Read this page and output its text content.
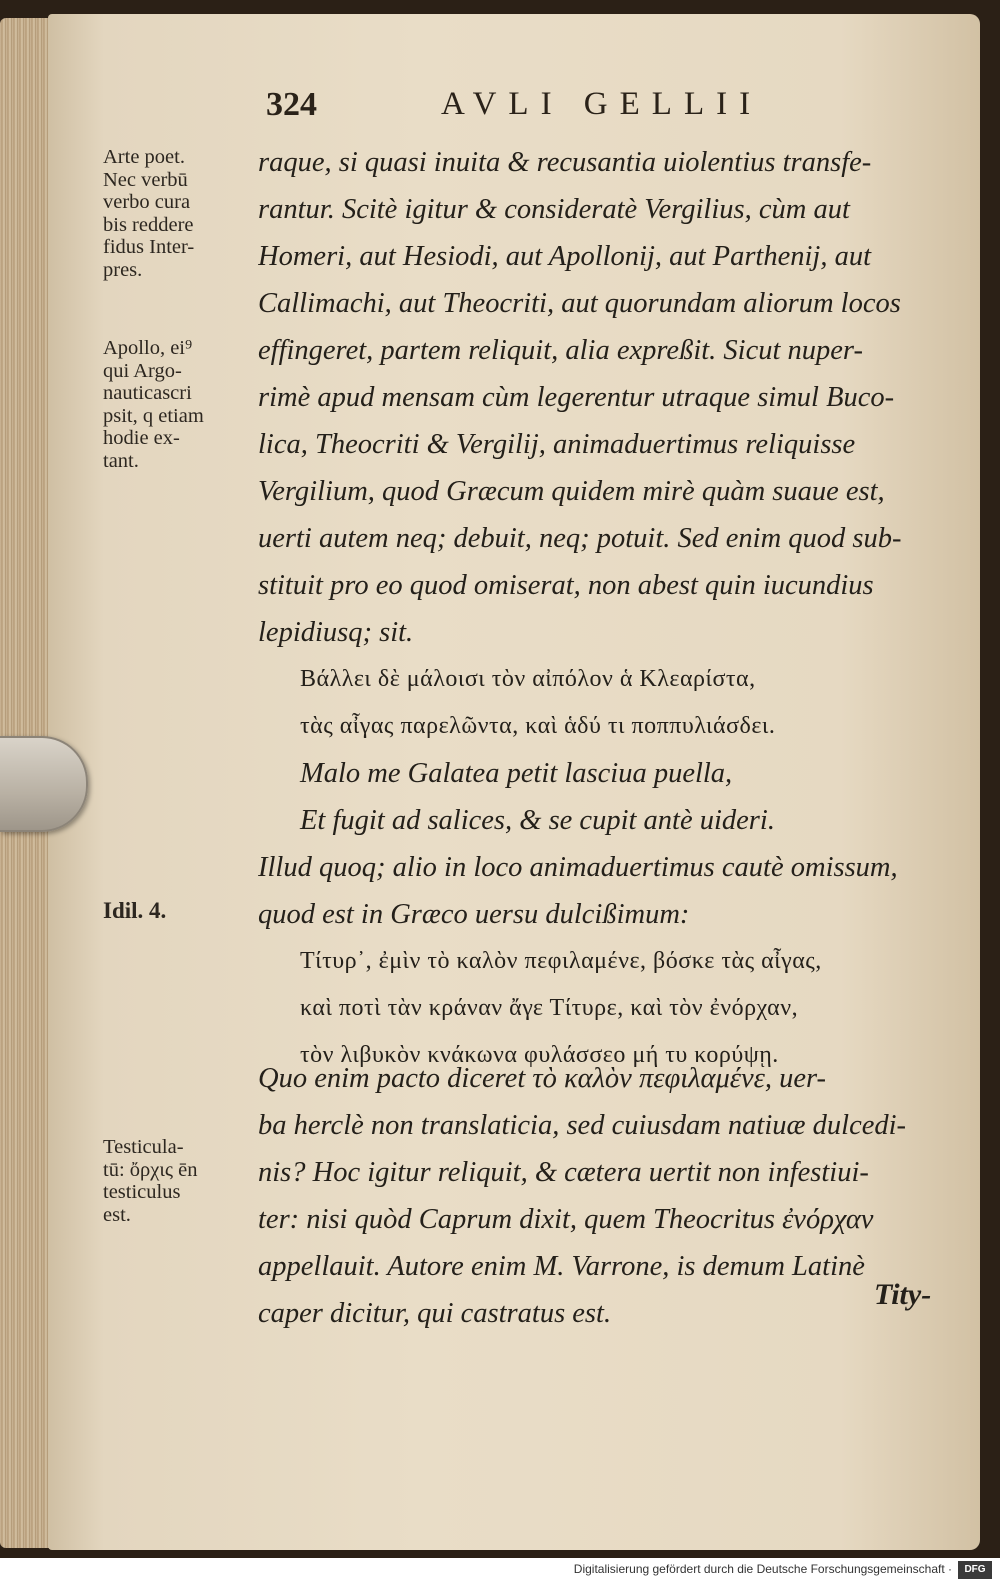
324	AVLI GELLII
raque, si quasi inuita & recusantia uiolentius transfe-
rantur. Scitè igitur & consideratè Vergilius, cùm aut
Homeri, aut Hesiodi, aut Apollonij, aut Parthenij, aut
Callimachi, aut Theocriti, aut quorundam aliorum locos
effingeret, partem reliquit, alia expreßit. Sicut nuper-
rimè apud mensam cùm legerentur utraque simul Buco-
lica, Theocriti & Vergilij, animaduertimus reliquisse
Vergilium, quod Græcum quidem mirè quàm suaue est,
uerti autem neq; debuit, neq; potuit. Sed enim quod sub-
stituit pro eo quod omiserat, non abest quin iucundius
lepidiusq; sit.
Βάλλει δὲ μάλοισι τὸν αἰπόλον ἁ Κλεαρίστα,
τὰς αἶγας παρελῶντα, καὶ ἁδύ τι ποππυλιάσδει.
Malo me Galatea petit lasciua puella,
Et fugit ad salices, & se cupit antè uideri.
Illud quoq; alio in loco animaduertimus cautè omissum,
quod est in Græco uersu dulcißimum:
Τίτυρ᾽, ἐμὶν τὸ καλὸν πεφιλαμένε, βόσκε τὰς αἶγας,
καὶ ποτὶ τὰν κράναν ἄγε Τίτυρε, καὶ τὸν ἐνόρχαν,
τὸν λιβυκὸν κνάκωνα φυλάσσεο μή τυ κορύψῃ.
Quo enim pacto diceret τὸ καλὸν πεφιλαμένε, uer-
ba herclè non translaticia, sed cuiusdam natiuæ dulcedi-
nis? Hoc igitur reliquit, & cætera uertit non infestiui-
ter: nisi quòd Caprum dixit, quem Theocritus ἐνόρχαν
appellauit. Autore enim M. Varrone, is demum Latinè
caper dicitur, qui castratus est.
Tity-
Arte poet.
Nec verbū
verbo cura
bis reddere
fidus Inter-
pres.
Apollo, ei⁹
qui Argo-
nauticascri
psit, q etiam
hodie ex-
tant.
Idil. 4.
Testicula-
tū: ὄρχις ēn
testiculus
est.
Digitalisierung gefördert durch die Deutsche Forschungsgemeinschaft ·	DFG
